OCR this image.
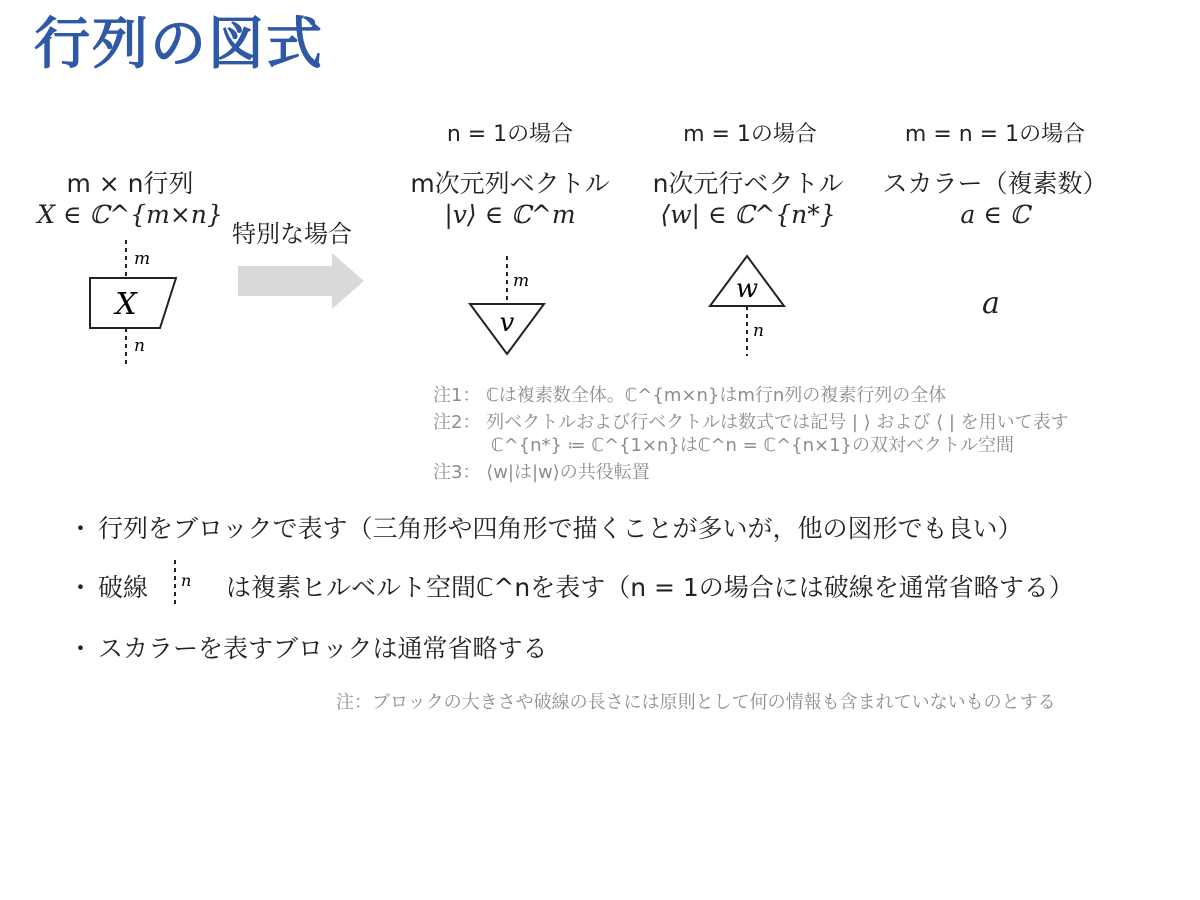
行列の図式
m × n行列
X ∈ ℂ^{m×n}
m
X
n
特別な場合
n = 1の場合
m次元列ベクトル
|v⟩ ∈ ℂ^m
m
v
m = 1の場合
n次元行ベクトル
⟨w| ∈ ℂ^{n*}
w
n
m = n = 1の場合
スカラー（複素数）
a ∈ ℂ
a
注1： ℂは複素数全体。ℂ^{m×n}はm行n列の複素行列の全体
注2： 列ベクトルおよび行ベクトルは数式では記号 | ⟩ および ⟨ | を用いて表す
ℂ^{n*} ≔ ℂ^{1×n}はℂ^n = ℂ^{n×1}の双対ベクトル空間
注3： ⟨w|は|w⟩の共役転置
・ 行列をブロックで表す（三角形や四角形で描くことが多いが，他の図形でも良い）
・ 破線 n は複素ヒルベルト空間ℂ^nを表す（n = 1の場合には破線を通常省略する）
・ スカラーを表すブロックは通常省略する
注：ブロックの大きさや破線の長さには原則として何の情報も含まれていないものとする
